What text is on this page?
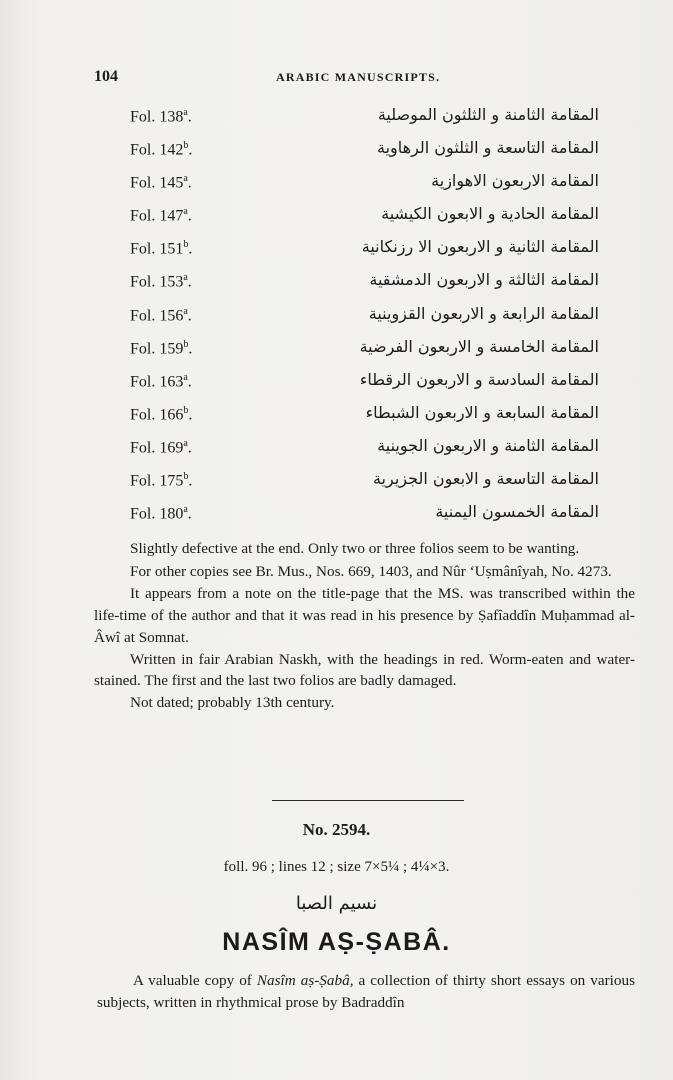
104	ARABIC MANUSCRIPTS.
Fol. 138$^a$.	المقامة الثامنة و الثلثون الموصلية
Fol. 142$^b$.	المقامة التاسعة و الثلثون الرهاوية
Fol. 145$^a$.	المقامة الاربعون الاهوازية
Fol. 147$^a$.	المقامة الحادية و الابعون الكيشية
Fol. 151$^b$.	المقامة الثانية و الاربعون الا رزنكانية
Fol. 153$^a$.	المقامة الثالثة و الاربعون الدمشقية
Fol. 156$^a$.	المقامة الرابعة و الاربعون القزوينية
Fol. 159$^b$.	المقامة الخامسة و الاربعون الفرضية
Fol. 163$^a$.	المقامة السادسة و الاربعون الرقطاء
Fol. 166$^b$.	المقامة السابعة و الاربعون الشبطاء
Fol. 169$^a$.	المقامة الثامنة و الاربعون الجوينية
Fol. 175$^b$.	المقامة التاسعة و الابعون الجزيرية
Fol. 180$^a$.	المقامة الخمسون اليمنية

Slightly defective at the end. Only two or three folios seem to be wanting.

For other copies see Br. Mus., Nos. 669, 1403, and Nûr ‘Uṣmânîyah, No. 4273.

It appears from a note on the title-page that the MS. was transcribed within the life-time of the author and that it was read in his presence by Ṣafîaddîn Muḥammad al-Âwî at Somnat.

Written in fair Arabian Naskh, with the headings in red. Worm-eaten and water-stained. The first and the last two folios are badly damaged.

Not dated; probably 13th century.

No. 2594.
foll. 96 ; lines 12 ; size 7×5¼ ; 4¼×3.
نسيم الصبا
NASÎM AṢ-ṢABÂ.

A valuable copy of Nasîm aṣ-Ṣabâ, a collection of thirty short essays on various subjects, written in rhythmical prose by Badraddîn
